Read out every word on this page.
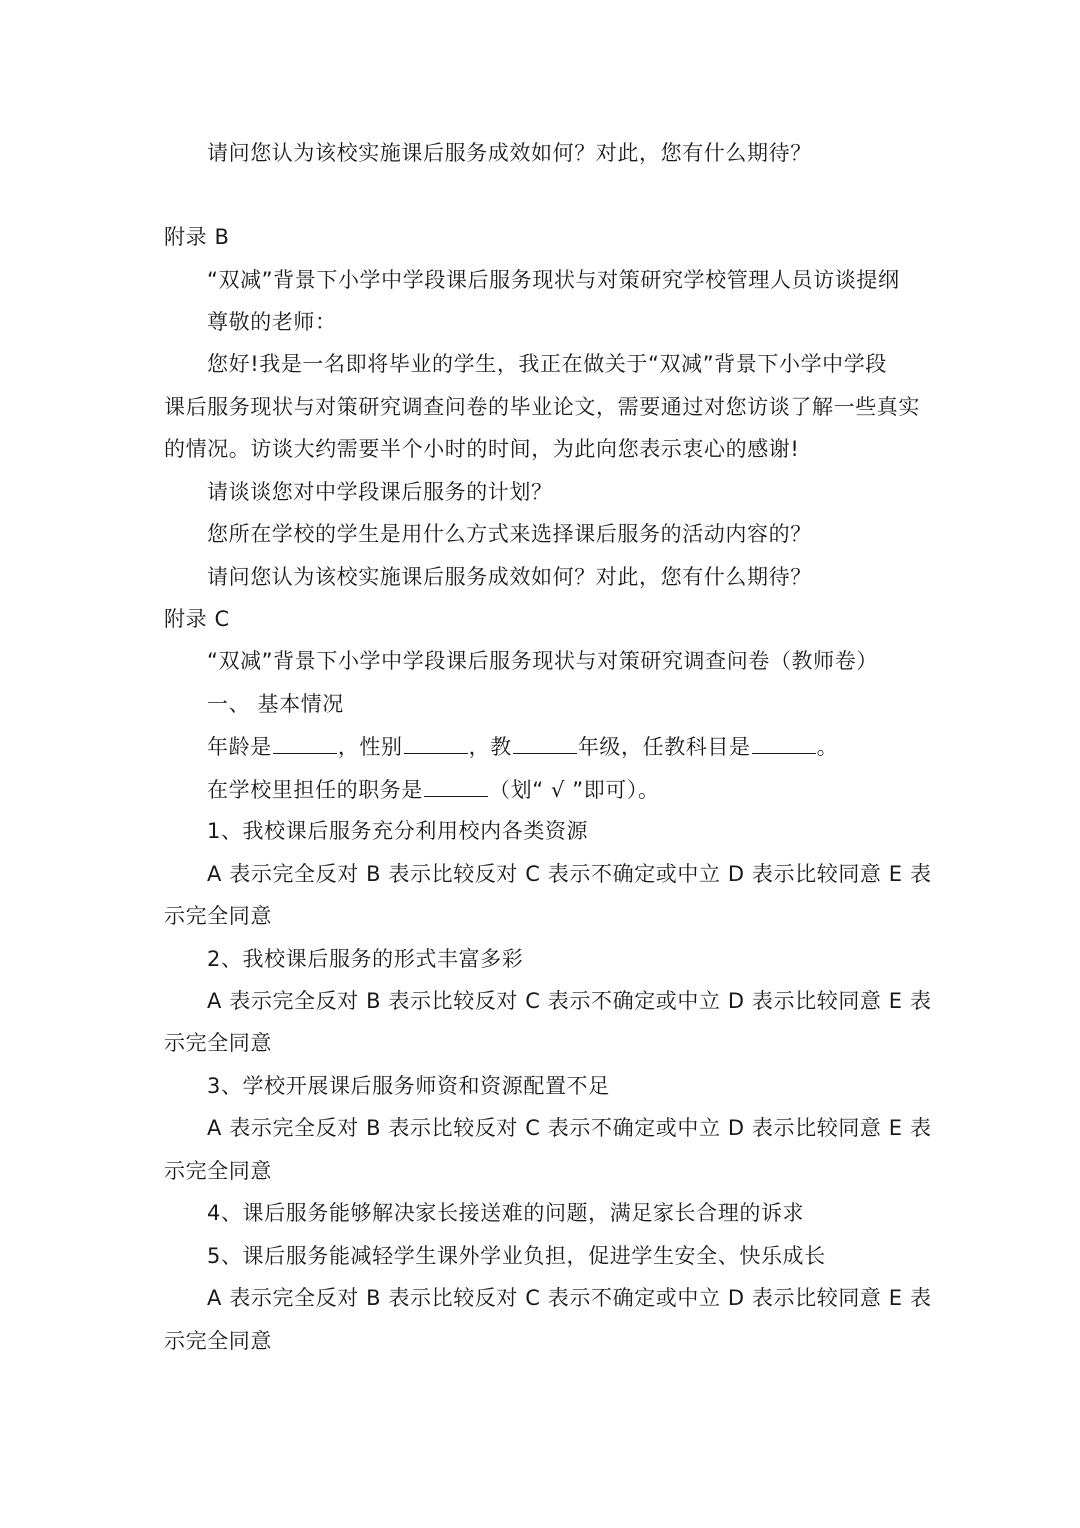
请问您认为该校实施课后服务成效如何？对此，您有什么期待？
附录 B
“双减”背景下小学中学段课后服务现状与对策研究学校管理人员访谈提纲
尊敬的老师：
您好!我是一名即将毕业的学生，我正在做关于“双减”背景下小学中学段
课后服务现状与对策研究调查问卷的毕业论文，需要通过对您访谈了解一些真实
的情况。访谈大约需要半个小时的时间，为此向您表示衷心的感谢!
请谈谈您对中学段课后服务的计划？
您所在学校的学生是用什么方式来选择课后服务的活动内容的？
请问您认为该校实施课后服务成效如何？对此，您有什么期待？
附录 C
“双减”背景下小学中学段课后服务现状与对策研究调查问卷（教师卷）
一、 基本情况
年龄是	，性别	，教	年级，任教科目是	。
在学校里担任的职务是	（划“ √ ”即可）。
1、我校课后服务充分利用校内各类资源
A 表示完全反对 B 表示比较反对 C 表示不确定或中立 D 表示比较同意 E 表
示完全同意
2、我校课后服务的形式丰富多彩
A 表示完全反对 B 表示比较反对 C 表示不确定或中立 D 表示比较同意 E 表
示完全同意
3、学校开展课后服务师资和资源配置不足
A 表示完全反对 B 表示比较反对 C 表示不确定或中立 D 表示比较同意 E 表
示完全同意
4、课后服务能够解决家长接送难的问题，满足家长合理的诉求
5、课后服务能减轻学生课外学业负担，促进学生安全、快乐成长
A 表示完全反对 B 表示比较反对 C 表示不确定或中立 D 表示比较同意 E 表
示完全同意
